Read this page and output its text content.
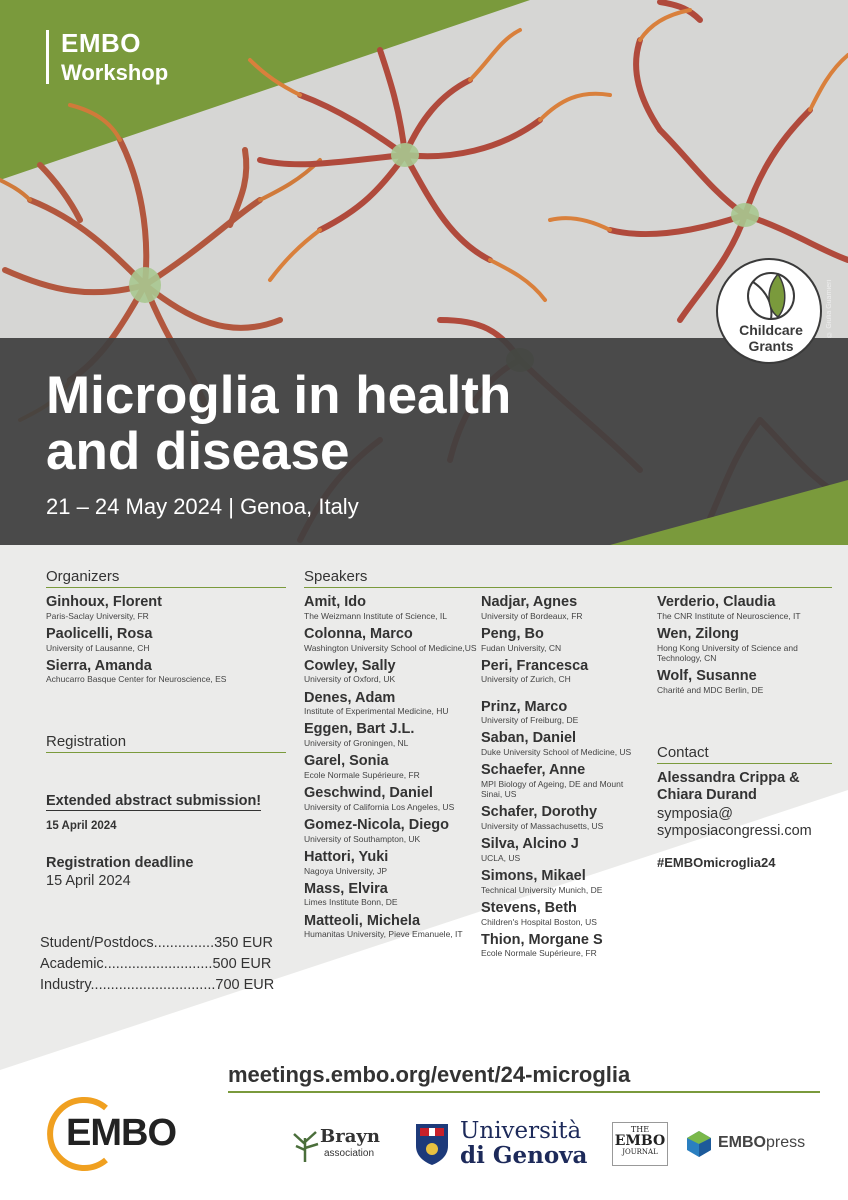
EMBO
Workshop
Microglia in health
and disease
21 – 24 May 2024 | Genoa, Italy
Childcare
Grants
© Giulia Guarnieri
Organizers
Ginhoux, Florent
Paris-Saclay University, FR
Paolicelli, Rosa
University of Lausanne, CH
Sierra, Amanda
Achucarro Basque Center for Neuroscience, ES
Registration
Extended abstract submission!
15 April 2024
Registration deadline
15 April 2024
Student/Postdocs...............350 EUR
Academic...........................500 EUR
Industry...............................700 EUR
Speakers
Amit, Ido
The Weizmann Institute of Science, IL
Colonna, Marco
Washington University School of Medicine,US
Cowley, Sally
University of Oxford, UK
Denes, Adam
Institute of Experimental Medicine, HU
Eggen, Bart J.L.
University of Groningen, NL
Garel, Sonia
Ecole Normale Supérieure, FR
Geschwind, Daniel
University of California Los Angeles, US
Gomez-Nicola, Diego
University of Southampton, UK
Hattori, Yuki
Nagoya University, JP
Mass, Elvira
Limes Institute Bonn, DE
Matteoli, Michela
Humanitas University, Pieve Emanuele, IT
Nadjar, Agnes
University of Bordeaux, FR
Peng, Bo
Fudan University, CN
Peri, Francesca
University of Zurich, CH
Prinz, Marco
University of Freiburg, DE
Saban, Daniel
Duke University School of Medicine, US
Schaefer, Anne
MPI Biology of Ageing, DE and Mount Sinai, US
Schafer, Dorothy
University of Massachusetts, US
Silva, Alcino J
UCLA, US
Simons, Mikael
Technical University Munich, DE
Stevens, Beth
Children's Hospital Boston, US
Thion, Morgane S
Ecole Normale Supérieure, FR
Verderio, Claudia
The CNR Institute of Neuroscience, IT
Wen, Zilong
Hong Kong University of Science and Technology, CN
Wolf, Susanne
Charité and MDC Berlin, DE
Contact
Alessandra Crippa & Chiara Durand
symposia@
symposiacongressi.com
#EMBOmicroglia24
meetings.embo.org/event/24-microglia
EMBO	Brayn
association
Università
di Genova
THE
EMBO
JOURNAL
EMBOpress
